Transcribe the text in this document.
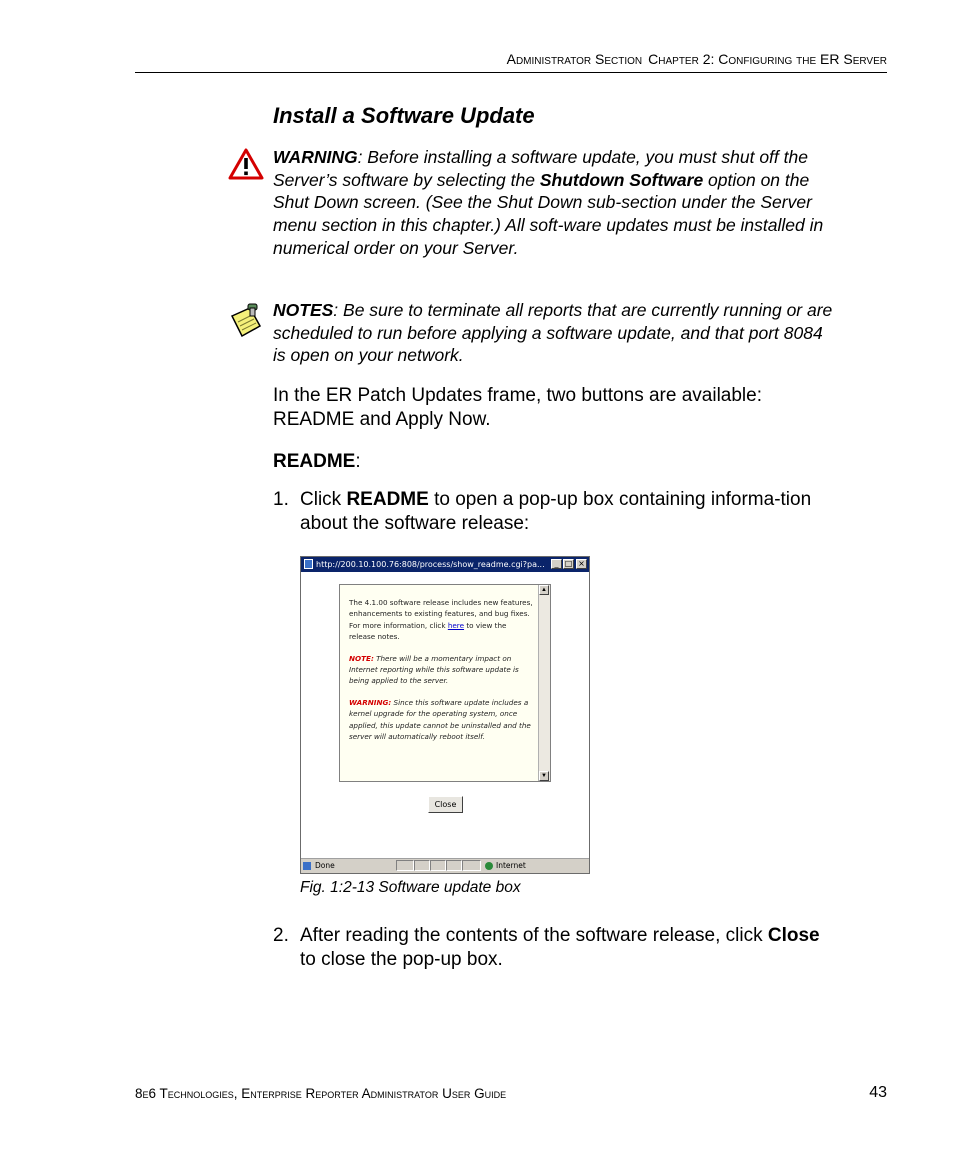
Administrator Section Chapter 2: Configuring the ER Server
Install a Software Update
WARNING: Before installing a software update, you must shut off the Server’s software by selecting the Shutdown Software option on the Shut Down screen. (See the Shut Down sub-section under the Server menu section in this chapter.) All soft-ware updates must be installed in numerical order on your Server.
NOTES: Be sure to terminate all reports that are currently running or are scheduled to run before applying a software update, and that port 8084 is open on your network.
In the ER Patch Updates frame, two buttons are available: README and Apply Now.
README:
1. Click README to open a pop-up box containing informa-tion about the software release:
http://200.10.100.76:808/process/show_readme.cgi?pa...	_ □ ×

The 4.1.00 software release includes new features, enhancements to existing features, and bug fixes. For more information, click here to view the release notes.

NOTE: There will be a momentary impact on Internet reporting while this software update is being applied to the server.

WARNING: Since this software update includes a kernel upgrade for the operating system, once applied, this update cannot be uninstalled and the server will automatically reboot itself.

▲
▼
Close
Done	Internet
Fig. 1:2-13 Software update box
2. After reading the contents of the software release, click Close to close the pop-up box.
8e6 Technologies, Enterprise Reporter Administrator User Guide	43
